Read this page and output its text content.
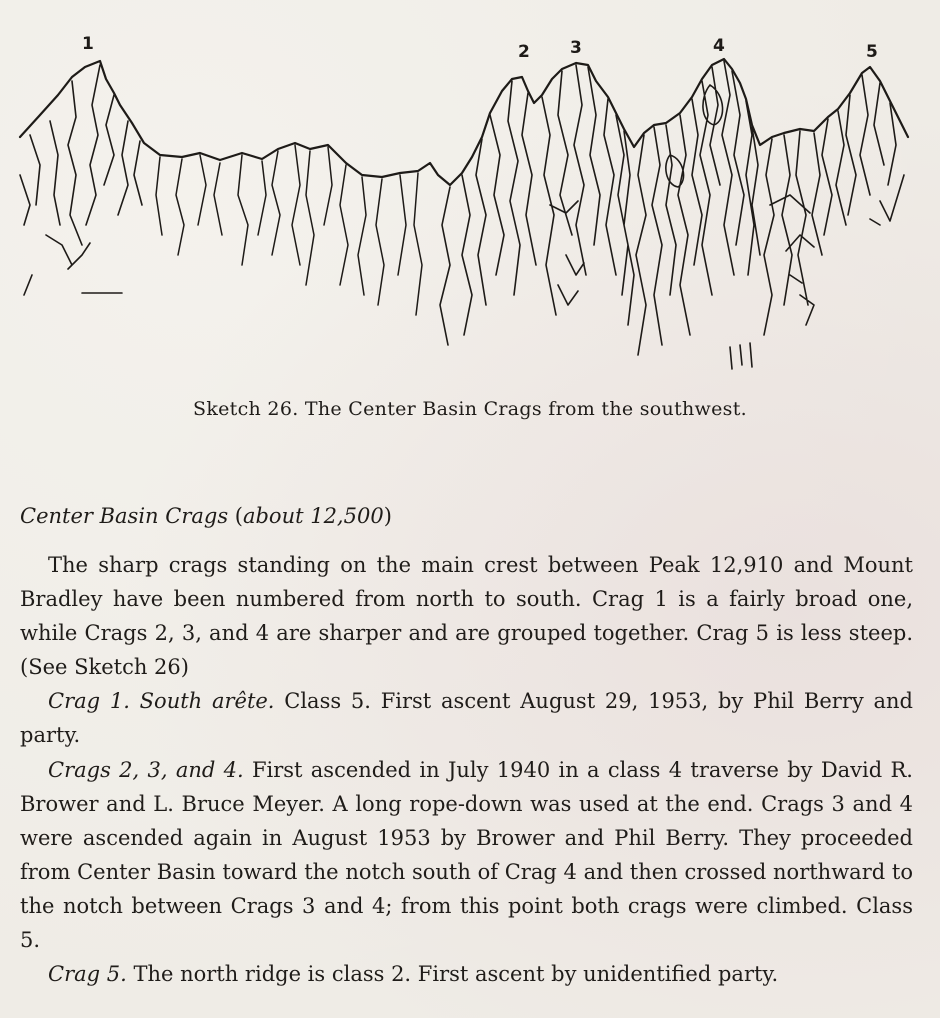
1	2 3	4	5
Sketch 26. The Center Basin Crags from the southwest.
Center Basin Crags (about 12,500)

The sharp crags standing on the main crest between Peak 12,910 and Mount Bradley have been numbered from north to south. Crag 1 is a fairly broad one, while Crags 2, 3, and 4 are sharper and are grouped together. Crag 5 is less steep. (See Sketch 26)

Crag 1. South arête. Class 5. First ascent August 29, 1953, by Phil Berry and party.

Crags 2, 3, and 4. First ascended in July 1940 in a class 4 traverse by David R. Brower and L. Bruce Meyer. A long rope-down was used at the end. Crags 3 and 4 were ascended again in August 1953 by Brower and Phil Berry. They proceeded from Center Basin toward the notch south of Crag 4 and then crossed northward to the notch between Crags 3 and 4; from this point both crags were climbed. Class 5.

Crag 5. The north ridge is class 2. First ascent by unidentified party.
